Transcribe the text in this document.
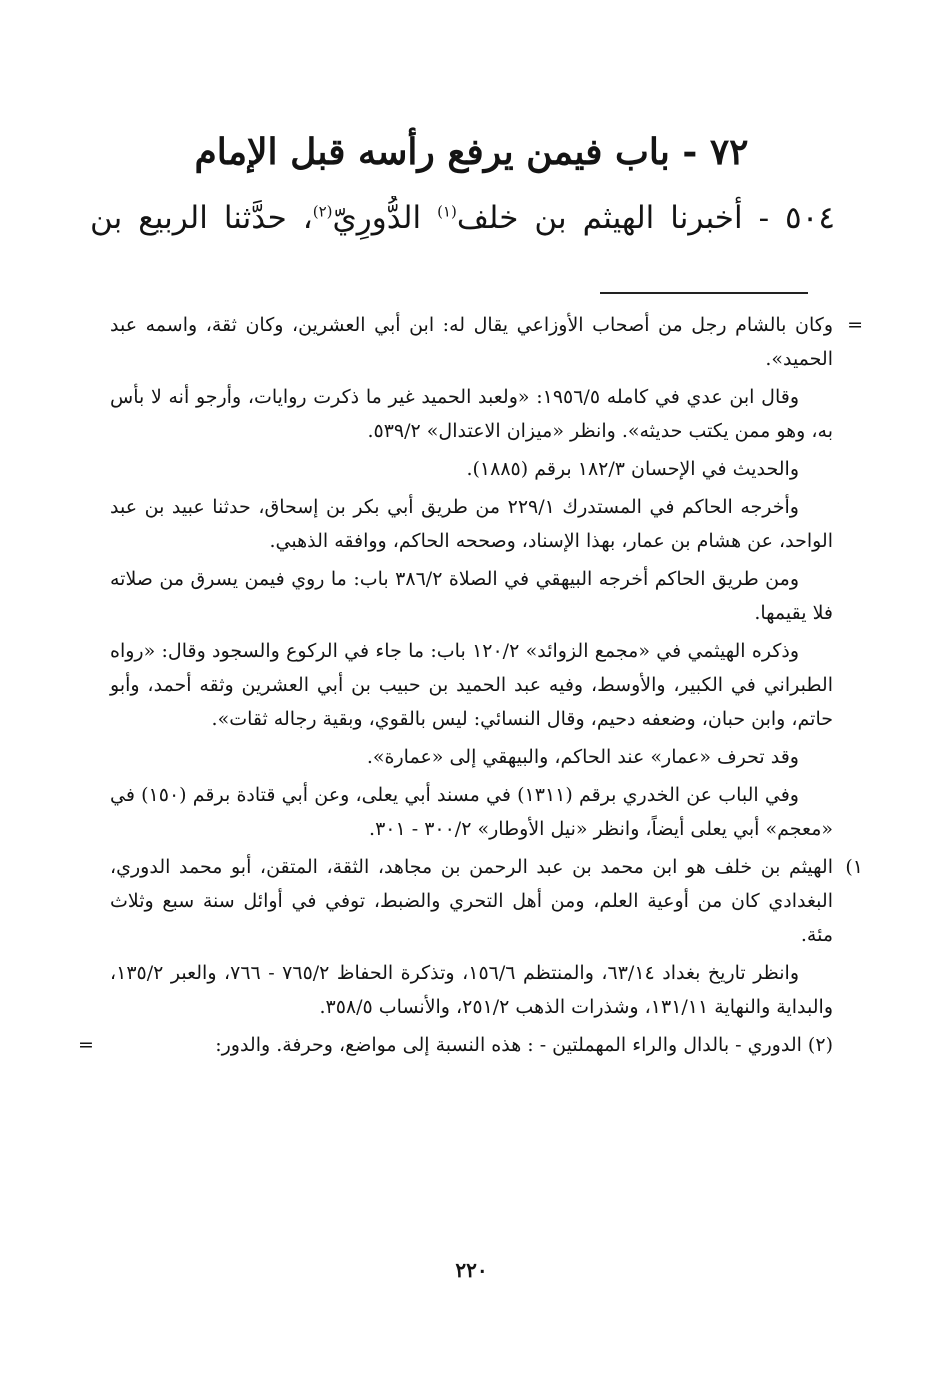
٧٢ - باب فيمن يرفع رأسه قبل الإمام
٥٠٤ - أخبرنا الهيثم بن خلف$^{(١)}$ الدُّورِيّ$^{(٢)}$، حدَّثنا الربيع بن

=
وكان بالشام رجل من أصحاب الأوزاعي يقال له: ابن أبي العشرين، وكان ثقة، واسمه عبد الحميد».

وقال ابن عدي في كامله ١٩٥٦/٥: «ولعبد الحميد غير ما ذكرت روايات، وأرجو أنه لا بأس به، وهو ممن يكتب حديثه». وانظر «ميزان الاعتدال» ٥٣٩/٢.

والحديث في الإحسان ١٨٢/٣ برقم (١٨٨٥).

وأخرجه الحاكم في المستدرك ٢٢٩/١ من طريق أبي بكر بن إسحاق، حدثنا عبيد بن عبد الواحد، عن هشام بن عمار، بهذا الإسناد، وصححه الحاكم، ووافقه الذهبي.

ومن طريق الحاكم أخرجه البيهقي في الصلاة ٣٨٦/٢ باب: ما روي فيمن يسرق من صلاته فلا يقيمها.

وذكره الهيثمي في «مجمع الزوائد» ١٢٠/٢ باب: ما جاء في الركوع والسجود وقال: «رواه الطبراني في الكبير، والأوسط، وفيه عبد الحميد بن حبيب بن أبي العشرين وثقه أحمد، وأبو حاتم، وابن حبان، وضعفه دحيم، وقال النسائي: ليس بالقوي، وبقية رجاله ثقات».

وقد تحرف «عمار» عند الحاكم، والبيهقي إلى «عمارة».

وفي الباب عن الخدري برقم (١٣١١) في مسند أبي يعلى، وعن أبي قتادة برقم (١٥٠) في «معجم» أبي يعلى أيضاً، وانظر «نيل الأوطار» ٣٠٠/٢ - ٣٠١.

١)
الهيثم بن خلف هو ابن محمد بن عبد الرحمن بن مجاهد، الثقة، المتقن، أبو محمد الدوري، البغدادي كان من أوعية العلم، ومن أهل التحري والضبط، توفي في أوائل سنة سبع وثلاث مئة.

وانظر تاريخ بغداد ٦٣/١٤، والمنتظم ١٥٦/٦، وتذكرة الحفاظ ٧٦٥/٢ - ٧٦٦، والعبر ١٣٥/٢، والبداية والنهاية ١٣١/١١، وشذرات الذهب ٢٥١/٢، والأنساب ٣٥٨/٥.

(٢) الدوري - بالدال والراء المهملتين - : هذه النسبة إلى مواضع، وحرفة. والدور:
=

٢٢٠
